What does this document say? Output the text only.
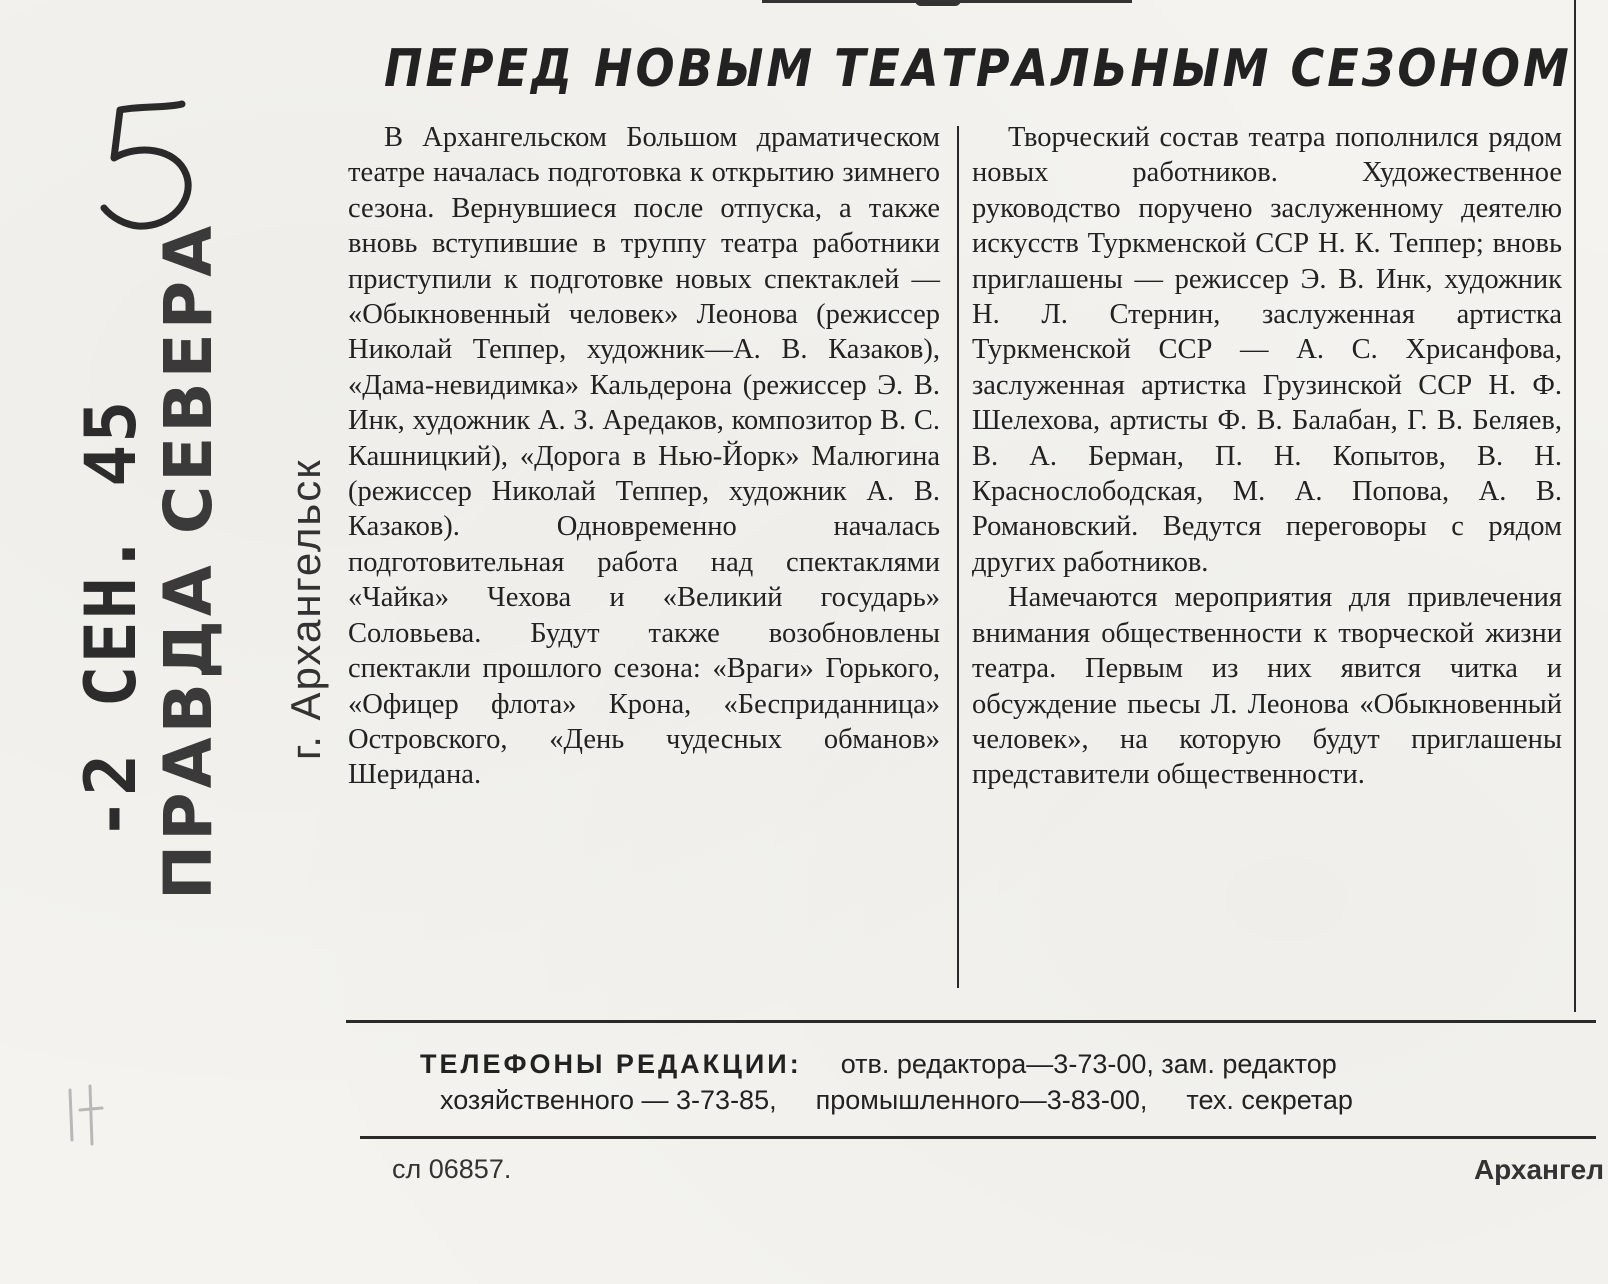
ПЕРЕД НОВЫМ ТЕАТРАЛЬНЫМ СЕЗОНОМ

В Архангельском Большом драматическом театре началась подготовка к открытию зимнего сезона. Вернувшиеся после отпуска, а также вновь вступившие в труппу театра работники приступили к подготовке новых спектаклей — «Обыкновенный человек» Леонова (режиссер Николай Теппер, художник—А. В. Казаков), «Дама-невидимка» Кальдерона (режиссер Э. В. Инк, художник А. З. Аредаков, композитор В. С. Кашницкий), «Дорога в Нью-Йорк» Малюгина (режиссер Николай Теппер, художник А. В. Казаков). Одновременно началась подготовительная работа над спектаклями «Чайка» Чехова и «Великий государь» Соловьева. Будут также возобновлены спектакли прошлого сезона: «Враги» Горького, «Офицер флота» Крона, «Бесприданница» Островского, «День чудесных обманов» Шеридана.

Творческий состав театра пополнился рядом новых работников. Художественное руководство поручено заслуженному деятелю искусств Туркменской ССР Н. К. Теппер; вновь приглашены — режиссер Э. В. Инк, художник Н. Л. Стернин, заслуженная артистка Туркменской ССР — А. С. Хрисанфова, заслуженная артистка Грузинской ССР Н. Ф. Шелехова, артисты Ф. В. Балабан, Г. В. Беляев, В. А. Берман, П. Н. Копытов, В. Н. Краснослободская, М. А. Попова, А. В. Романовский. Ведутся переговоры с рядом других работников.

Намечаются мероприятия для привлечения внимания общественности к творческой жизни театра. Первым из них явится читка и обсуждение пьесы Л. Леонова «Обыкновенный человек», на которую будут приглашены представители общественности.

ТЕЛЕФОНЫ РЕДАКЦИИ: отв. редактора—3-73-00, зам. редактор
хозяйственного — 3-73-85, промышленного—3-83-00, тех. секретар
сл 06857.	Архангел
-2 СЕН. 45
ПРАВДА СЕВЕРА г. Архангельск
